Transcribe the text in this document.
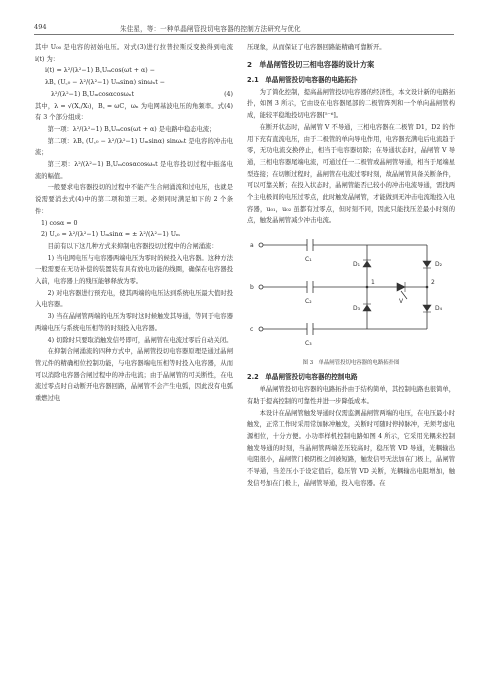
494	朱佳星，等：一种单晶闸管投切电容器的控制方法研究与优化
其中 U₀₀ 是电容的初始电压。对式(3)进行拉普拉斯反变换得到电流 i(t) 为：
i(t) = λ²/(λ²−1) B꜀Uₘcos(ωt + α) −
λB꜀ (U꜀₀ − λ²/(λ²−1) Uₘsinα) sinωₙt −
λ²/(λ²−1) B꜀Uₘcosαcosωₙt	(4)
其中，λ = √(X꜀/Xₗ)，B꜀ = ωC，ωₙ 为电网基波电压的角频率。式(4)有 3 个部分组成：
第一项：λ²/(λ²−1) B꜀Uₘcos(ωt + α) 是电路中稳态电流；
第二项：λB꜀ (U꜀₀ − λ²/(λ²−1) Uₘsinα) sinωₙt 是电容的冲击电流；
第三项：λ²/(λ²−1) B꜀Uₘcosαcosωₙt 是电容投切过程中振荡电流的幅值。
一般要求电容器投切的过程中不能产生合闸涌流和过电压，也就是说需要消去式(4)中的第二项和第三项。必须同时满足如下的 2 个条件：
1) cosα = 0
2) U꜀₀ = λ²/(λ²−1) Uₘsinα = ± λ²/(λ²−1) Uₘ
目前有以下这几种方式来抑制电容器投切过程中的合闸涌流：
1) 当电网电压与电容器两端电压为零时的候投入电容器。这种方法一般需要在无功补偿的装置装有具有放电功能的线圈，确保在电容器投入前，电容器上的残压能够释放为零。
2) 对电容器进行预充电，使其两端的电压达到系统电压最大值时投入电容器。
3) 当在晶闸管两端的电压为零时这时候触发其导通，等同于电容器两端电压与系统电压相等的时刻投入电容器。
4) 切除时只要取消触发信号即可，晶闸管在电流过零后自动关闭。
在抑制合闸涌流的四种方式中，晶闸管投切电容器原理是通过晶闸管元件的精确相位控制功能，与电容器端电压相等时投入电容器，从而可以消除电容器合闸过程中的冲击电流；由于晶闸管的可关断性，在电流过零点时自动断开电容器回路，晶闸管不会产生电弧，因此没有电弧重燃过电
压现象，从而保证了电容器回路能精确可靠断开。
2　单晶闸管投切三相电容器的设计方案
2.1　单晶闸管投切电容器的电路拓扑
为了简化控制，提高晶闸管投切电容器的经济性，本文设计新的电路拓扑，如图 3 所示，它由设在电容器尾部的二极管阵列和一个单向晶闸管构成，能较平稳地投切电容器[⁵⁻⁶]。
在断开状态时，晶闸管 V 不导通，三相电容器在二极管 D1，D2 的作用下充有直流电压，由于二极管的单向导电作用，电容器充满电后电流趋于零，无功电流交换停止，相当于电容器切除；在导通状态时，晶闸管 V 导通，三相电容器尾端电流，可通过任一二极管或晶闸管导通，相当于尾端星型连接；在切断过程时，晶闸管在电流过零时刻，故晶闸管具备关断条件，可以可靠关断；在投入状态时，晶闸管能否已较小的冲击电流导通，需找两个主电极间的电压过零点，此时触发晶闸管，才能做到无冲击电流地投入电容器，u₀₁，u₀₂ 虽都有过零点，但时刻不同，因此只能找压差最小时刻的点，触发晶闸管减少冲击电流。
a
b
c
C₁
C₂
C₃
D₁	D₂
D₃	D₄
V
1	2
图 3　单晶闸管投切电容器的电路拓扑图
2.2　单晶闸管投切电容器的控制电路
单晶闸管投切电容器的电路拓扑由于结构简单，其控制电路也很简单，有助于提高控制的可靠性并进一步降低成本。
本设计在晶闸管触发导通时仅需监测晶闸管两端的电压，在电压最小时触发，正常工作时采用常加脉冲触发，关断时可随时停掉脉冲，无须考虑电源相位，十分方便。小功率样机控制电路如图 4 所示，它采用光耦来控制触发导通的时刻，当晶闸管两端差压较高时，稳压管 VD 导通，光耦输出电阻很小，晶闸管门极阴极之间被短路，触发信号无法加在门极上，晶闸管不导通，当差压小于设定值后，稳压管 VD 关断，光耦输出电阻增加，触发信号加在门极上，晶闸管导通，投入电容器。在
